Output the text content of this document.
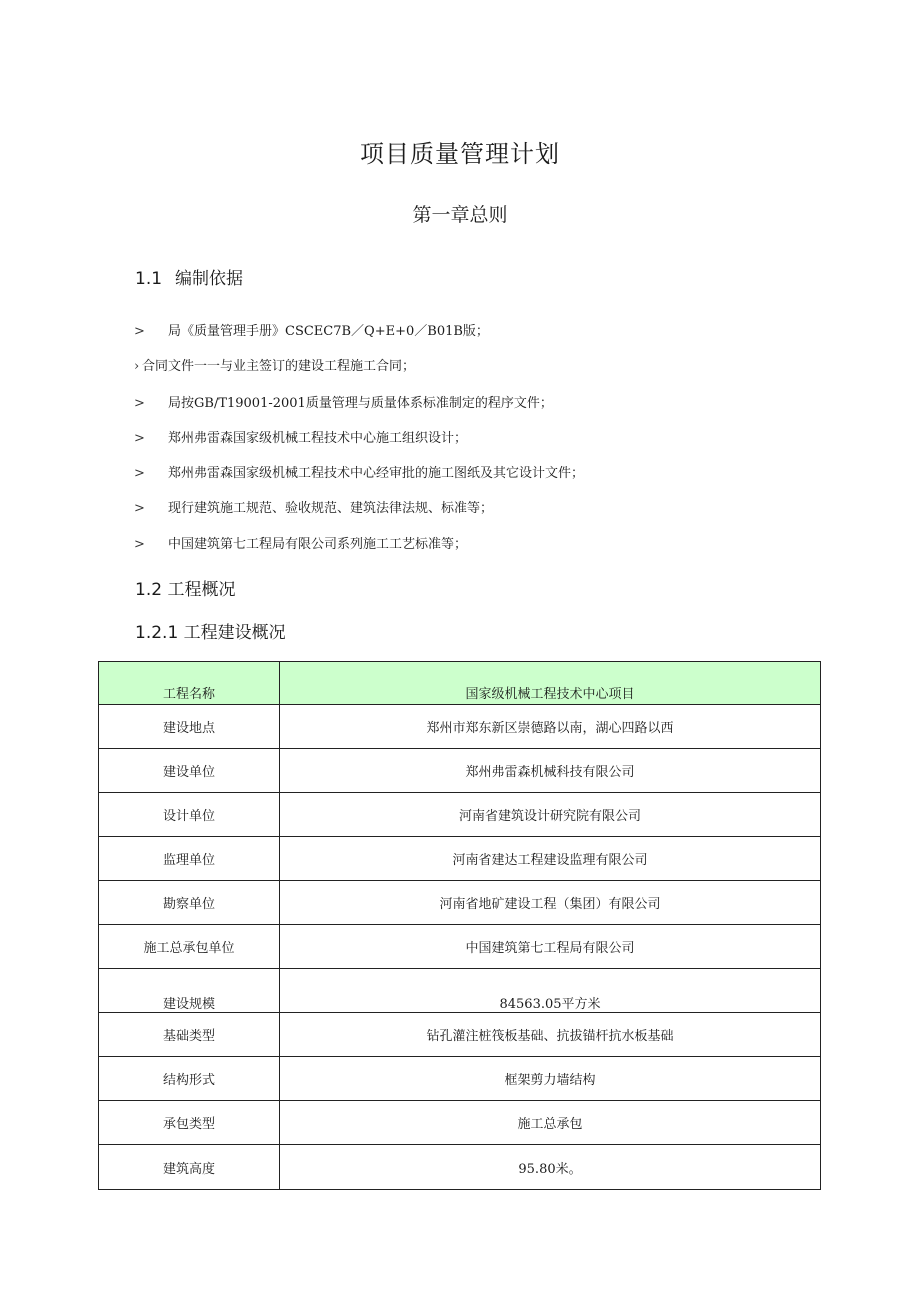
项目质量管理计划
第一章总则
1.1 编制依据
> 局《质量管理手册》CSCEC7B／Q+E+0／B01B版；
› 合同文件一一与业主签订的建设工程施工合同；
> 局按GB/T19001-2001质量管理与质量体系标准制定的程序文件；
> 郑州弗雷森国家级机械工程技术中心施工组织设计；
> 郑州弗雷森国家级机械工程技术中心经审批的施工图纸及其它设计文件；
> 现行建筑施工规范、验收规范、建筑法律法规、标准等；
> 中国建筑第七工程局有限公司系列施工工艺标准等；
1.2 工程概况
1.2.1 工程建设概况
工程名称	国家级机械工程技术中心项目
建设地点	郑州市郑东新区崇德路以南，湖心四路以西
建设单位	郑州弗雷森机械科技有限公司
设计单位	河南省建筑设计研究院有限公司
监理单位	河南省建达工程建设监理有限公司
勘察单位	河南省地矿建设工程（集团）有限公司
施工总承包单位	中国建筑第七工程局有限公司
建设规模	84563.05平方米
基础类型	钻孔灌注桩筏板基础、抗拔锚杆抗水板基础
结构形式	框架剪力墙结构
承包类型	施工总承包
建筑高度	95.80米。
